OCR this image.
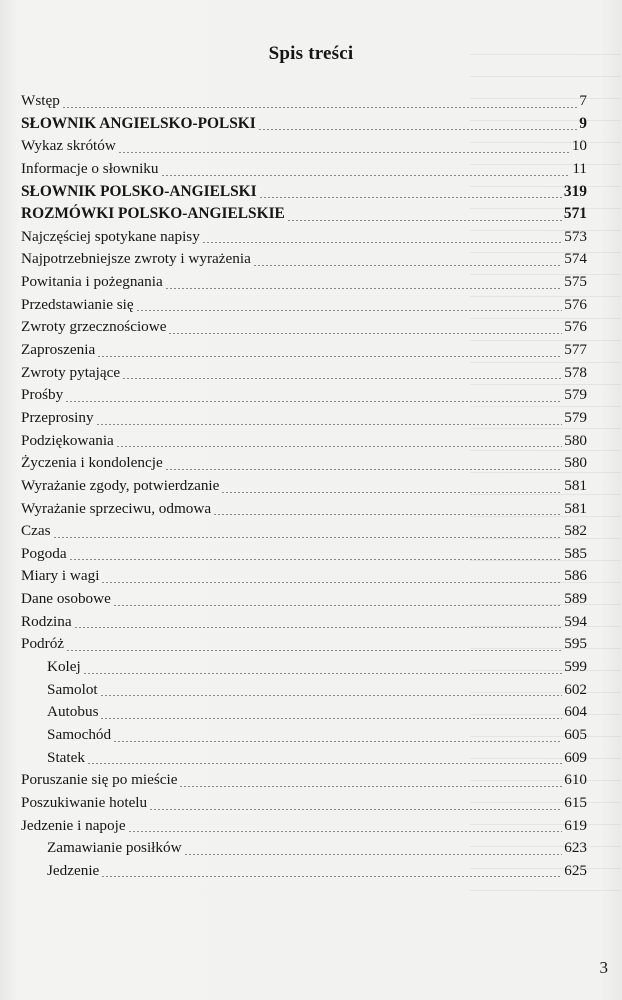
Spis treści
Wstęp	7
SŁOWNIK ANGIELSKO-POLSKI	9
Wykaz skrótów	10
Informacje o słowniku	11
SŁOWNIK POLSKO-ANGIELSKI	319
ROZMÓWKI POLSKO-ANGIELSKIE	571
Najczęściej spotykane napisy	573
Najpotrzebniejsze zwroty i wyrażenia	574
Powitania i pożegnania	575
Przedstawianie się	576
Zwroty grzecznościowe	576
Zaproszenia	577
Zwroty pytające	578
Prośby	579
Przeprosiny	579
Podziękowania	580
Życzenia i kondolencje	580
Wyrażanie zgody, potwierdzanie	581
Wyrażanie sprzeciwu, odmowa	581
Czas	582
Pogoda	585
Miary i wagi	586
Dane osobowe	589
Rodzina	594
Podróż	595
Kolej	599
Samolot	602
Autobus	604
Samochód	605
Statek	609
Poruszanie się po mieście	610
Poszukiwanie hotelu	615
Jedzenie i napoje	619
Zamawianie posiłków	623
Jedzenie	625
3
